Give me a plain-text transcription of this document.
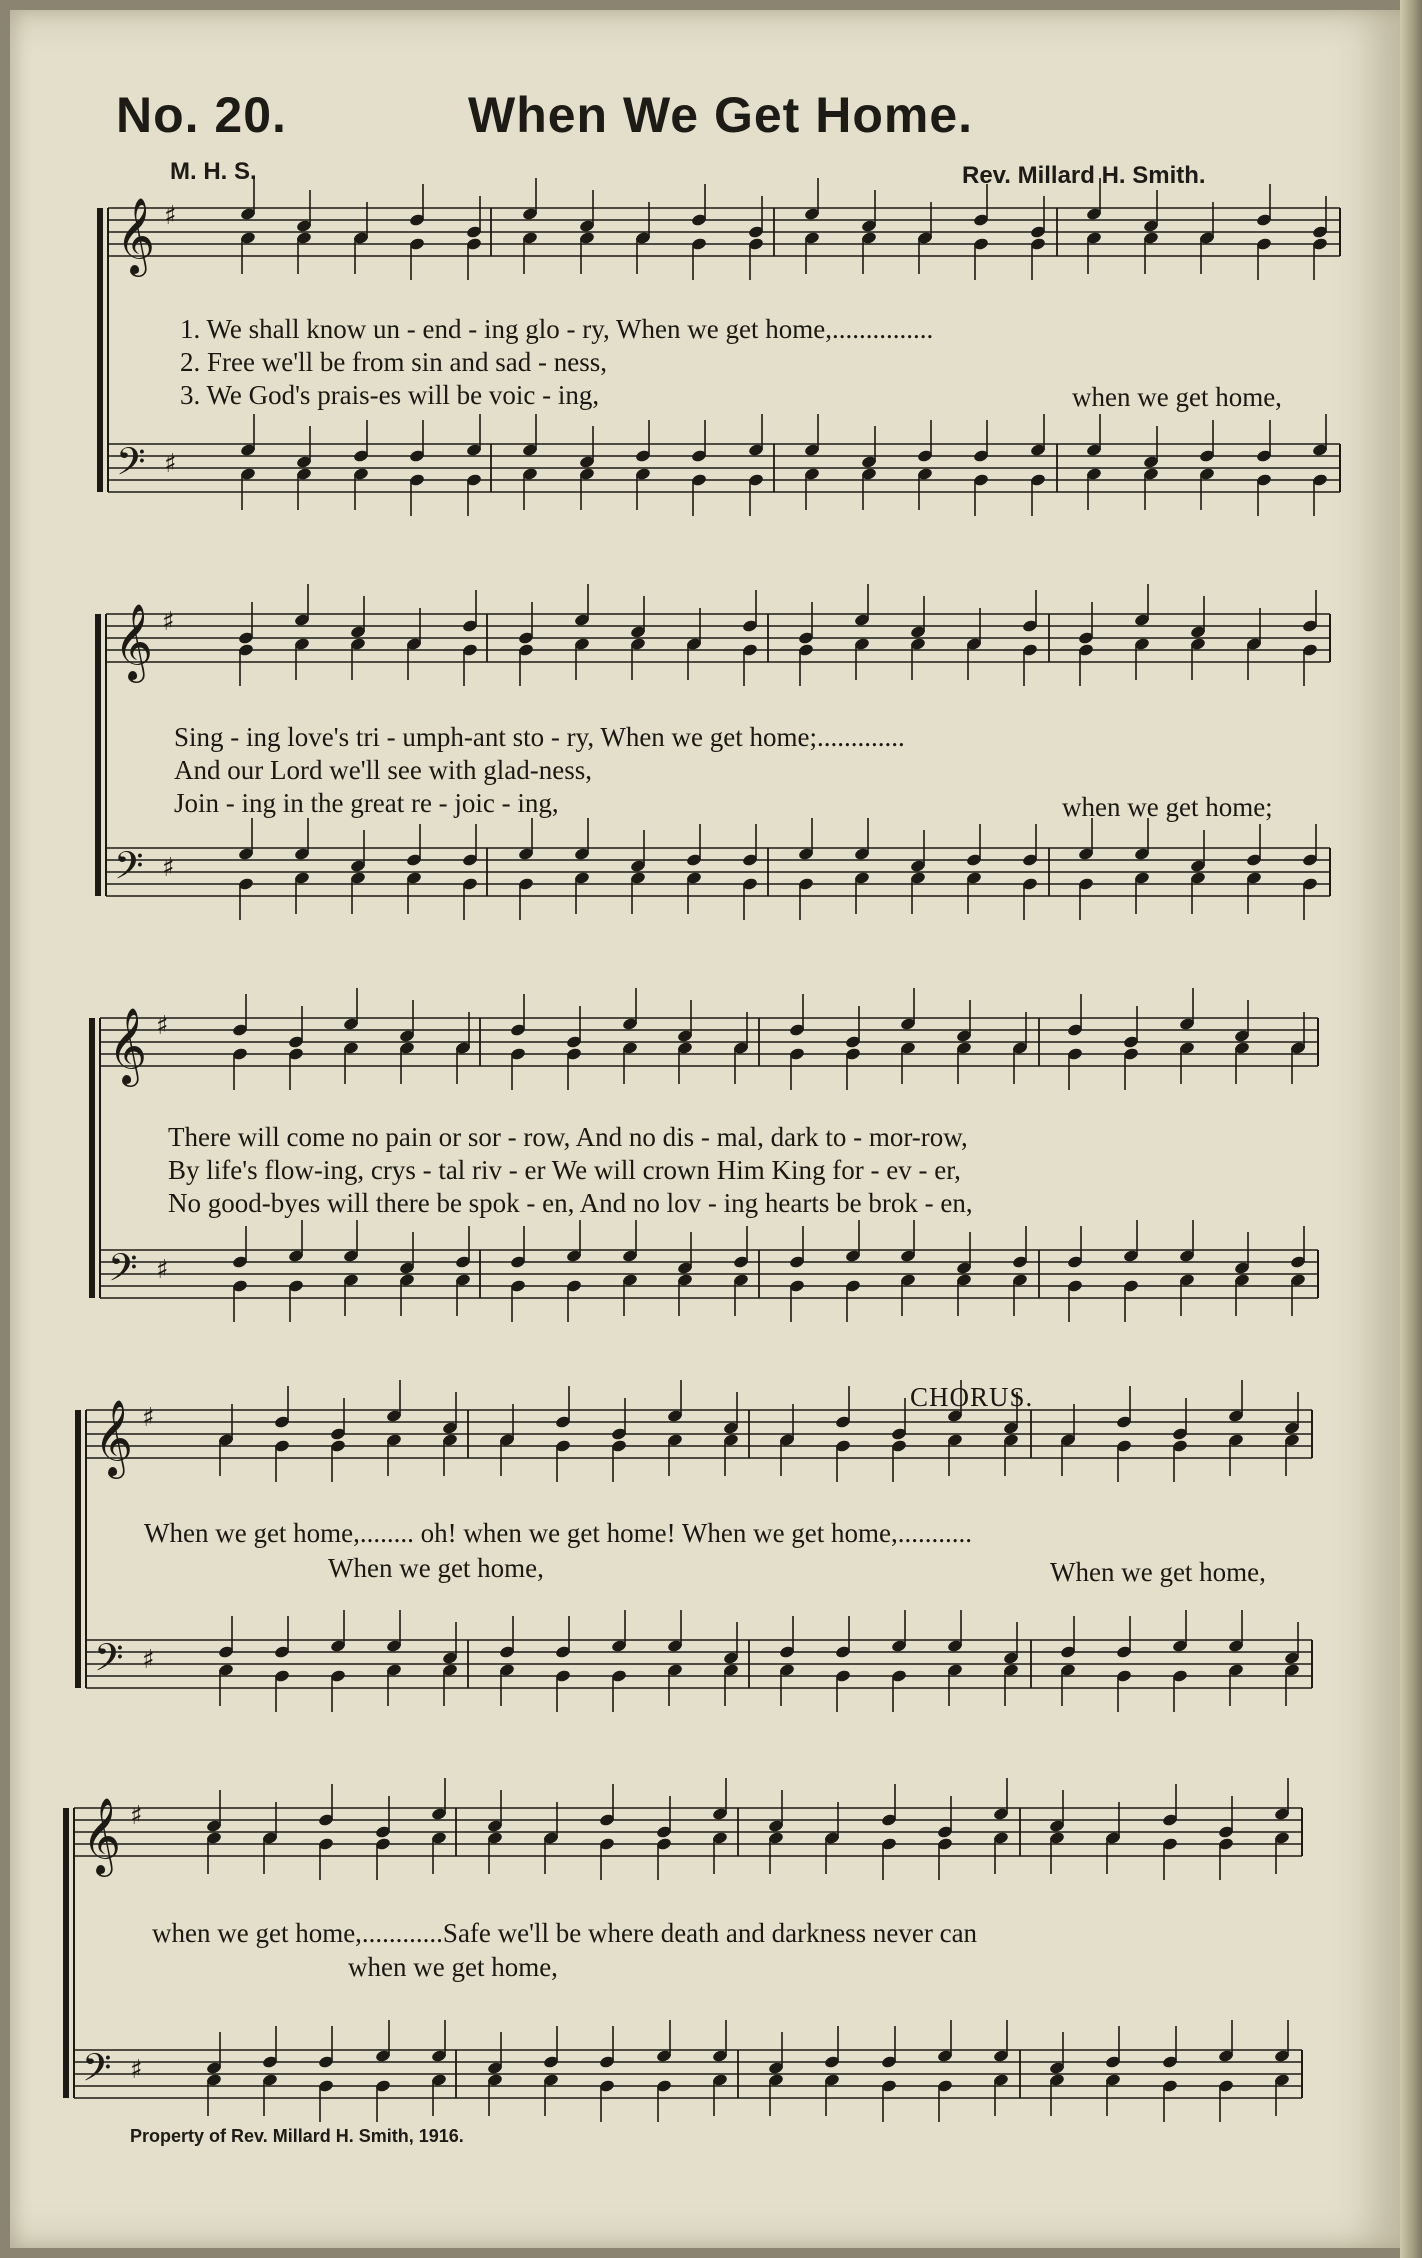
No. 20.	When We Get Home.
M. H. S.	Rev. Millard H. Smith.
𝄞
𝄢
♯
♯
𝄞
𝄢
♯
♯
𝄞
𝄢
♯
♯
𝄞
𝄢
♯
♯
𝄞
𝄢
♯
♯
1. We shall know un - end - ing glo - ry, When we get home,...............
2. Free we'll be from sin and sad - ness,
3. We God's prais-es will be voic - ing,	when we get home,
Sing - ing love's tri - umph-ant sto - ry, When we get home;.............
And our Lord we'll see with glad-ness,
Join - ing in the great re - joic - ing,	when we get home;
There will come no pain or sor - row, And no dis - mal, dark to - mor-row,
By life's flow-ing, crys - tal riv - er We will crown Him King for - ev - er,
No good-byes will there be spok - en, And no lov - ing hearts be brok - en,
CHORUS.
When we get home,........ oh! when we get home! When we get home,...........
When we get home,	When we get home,
when we get home,............Safe we'll be where death and darkness never can
when we get home,
Property of Rev. Millard H. Smith, 1916.
